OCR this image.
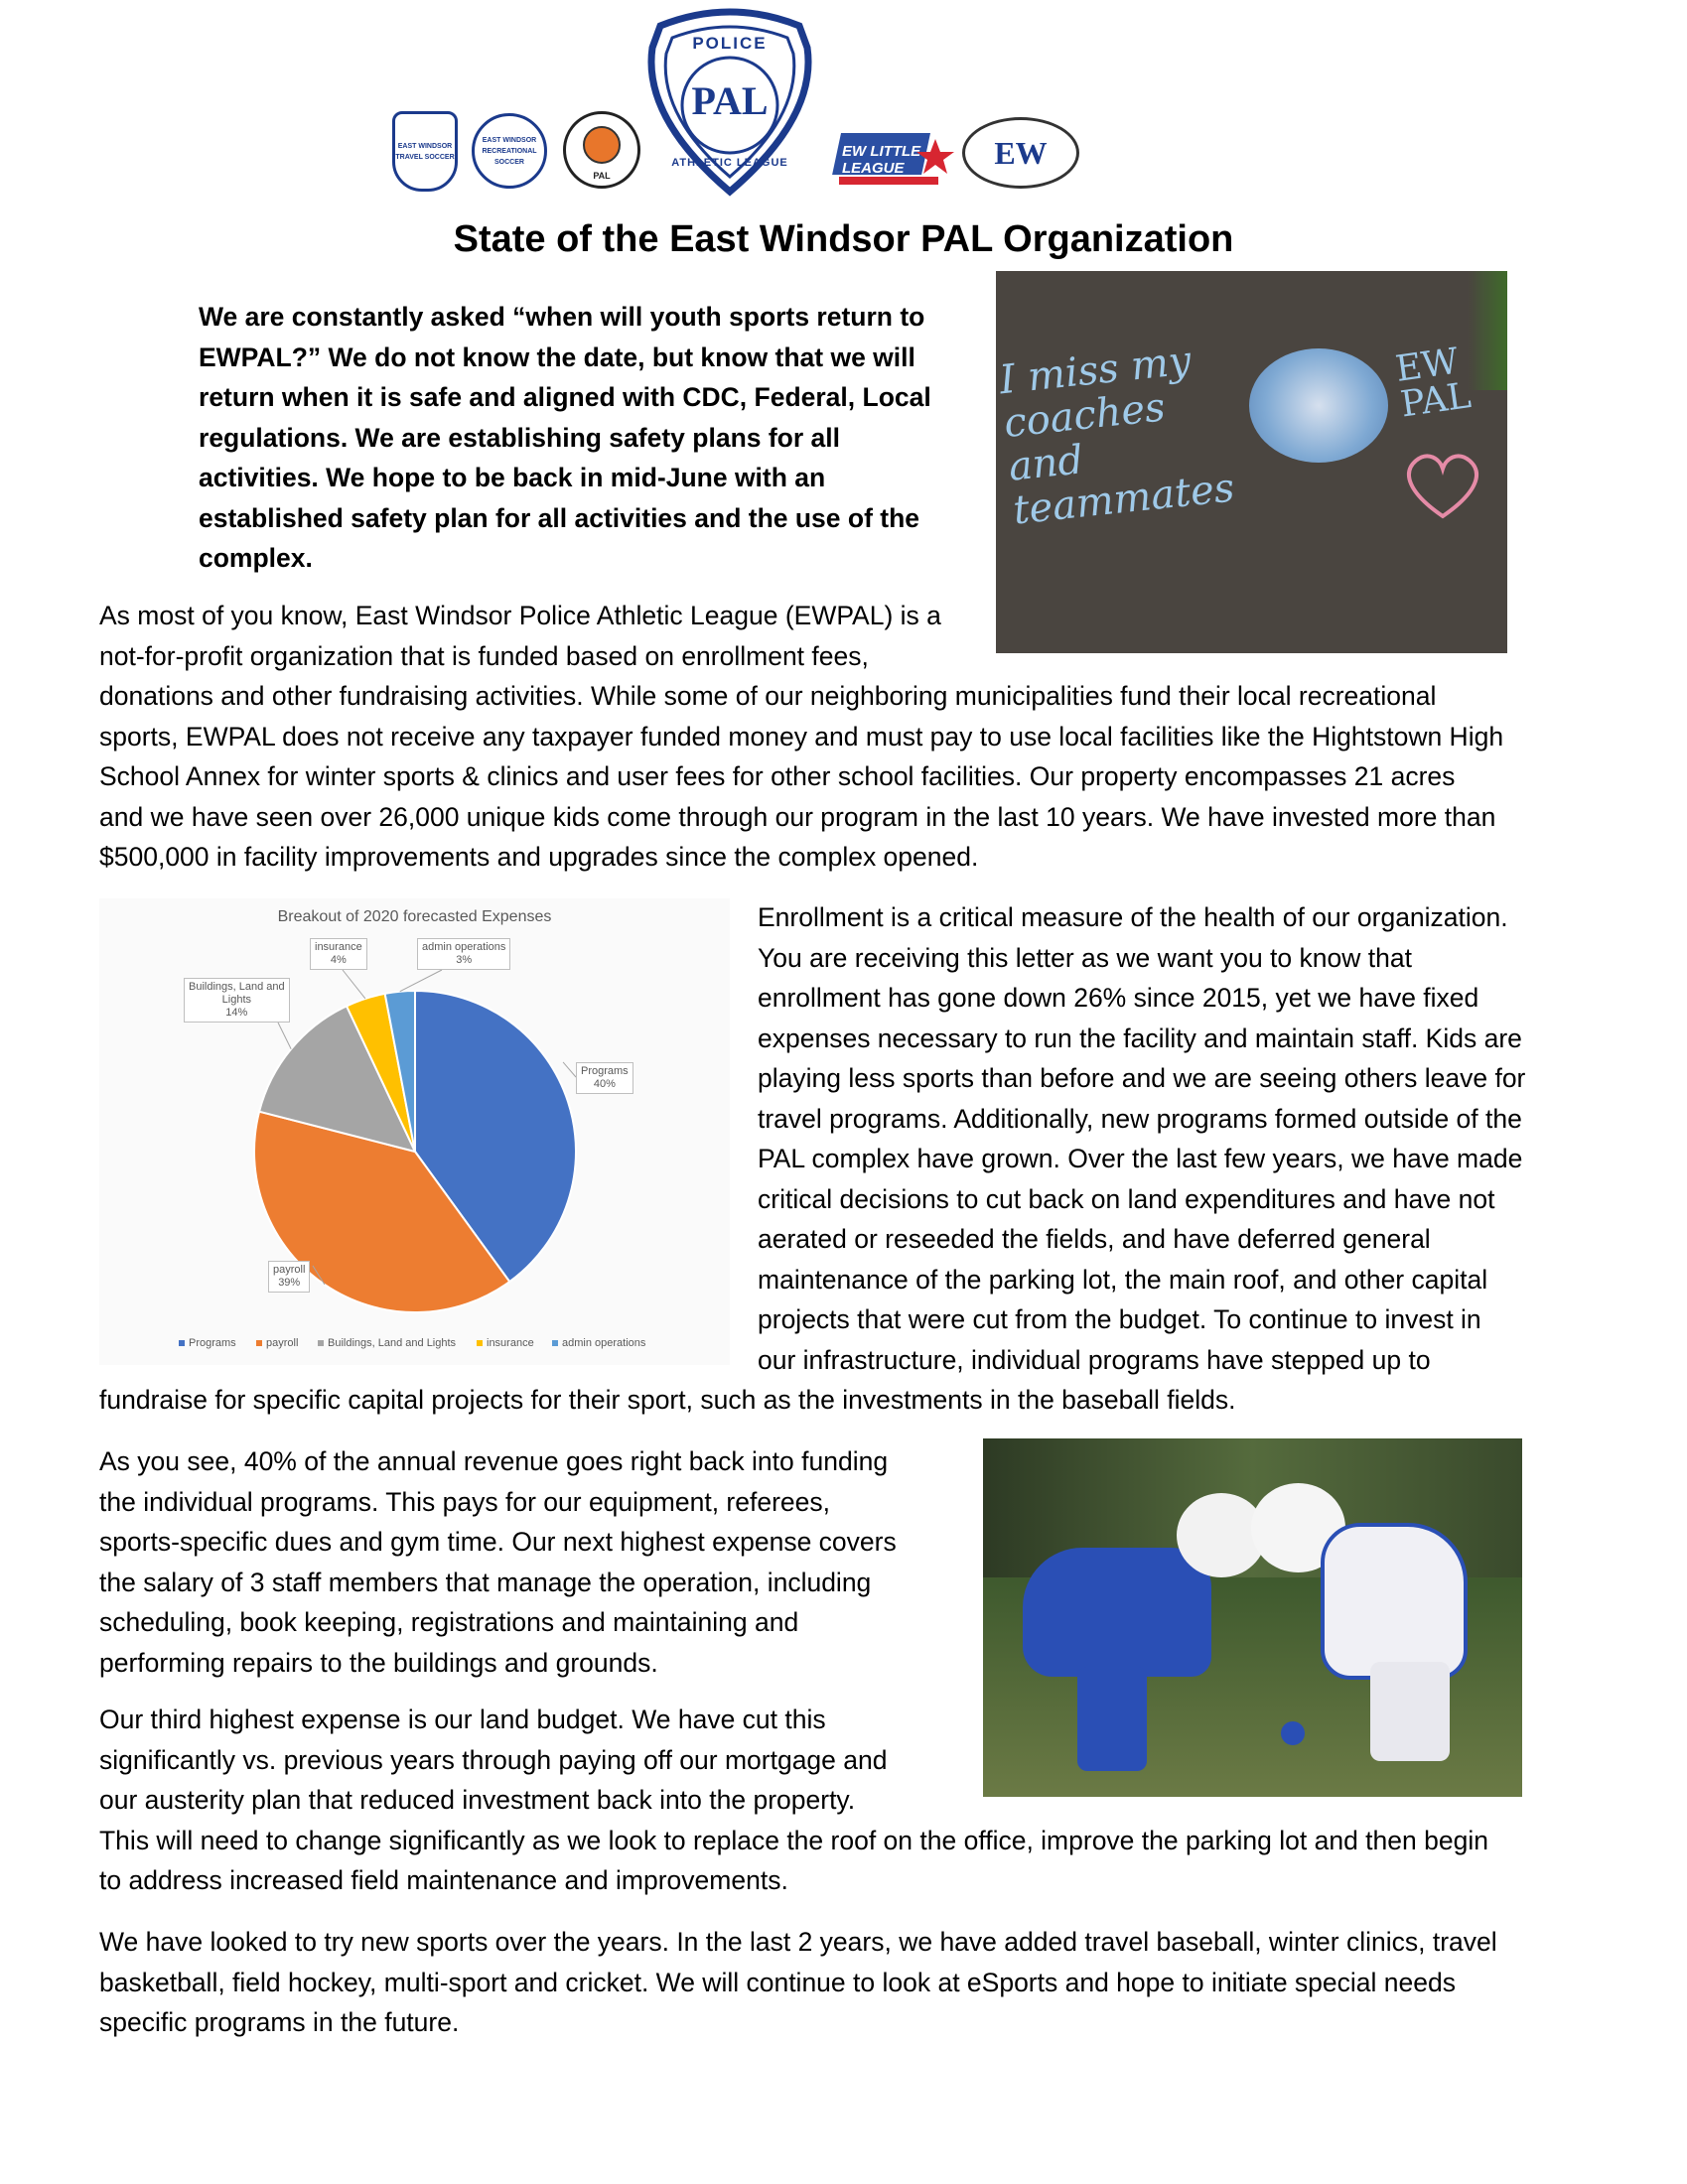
EAST WINDSOR TRAVEL SOCCER
EAST WINDSOR RECREATIONAL SOCCER
PAL
POLICE
PAL
ATHLETIC LEAGUE
EW LITTLE LEAGUE	EW
State of the East Windsor PAL Organization
We are constantly asked “when will youth sports return to
EWPAL?” We do not know the date, but know that we will
return when it is safe and aligned with CDC, Federal, Local
regulations. We are establishing safety plans for all
activities. We hope to be back in mid-June with an
established safety plan for all activities and the use of the
complex.
I miss my coaches and teammates
EW PAL
As most of you know, East Windsor Police Athletic League (EWPAL) is a
not-for-profit organization that is funded based on enrollment fees,
donations and other fundraising activities. While some of our neighboring municipalities fund their local recreational
sports, EWPAL does not receive any taxpayer funded money and must pay to use local facilities like the Hightstown High
School Annex for winter sports & clinics and user fees for other school facilities. Our property encompasses 21 acres
and we have seen over 26,000 unique kids come through our program in the last 10 years. We have invested more than
$500,000 in facility improvements and upgrades since the complex opened.
Breakout of 2020 forecasted Expenses
Programs
40%
payroll
39%
Buildings, Land and
Lights
14%
insurance
4%
admin operations
3%
Programs	payroll	Buildings, Land and Lights	insurance	admin operations
Enrollment is a critical measure of the health of our organization.
You are receiving this letter as we want you to know that
enrollment has gone down 26% since 2015, yet we have fixed
expenses necessary to run the facility and maintain staff. Kids are
playing less sports than before and we are seeing others leave for
travel programs. Additionally, new programs formed outside of the
PAL complex have grown. Over the last few years, we have made
critical decisions to cut back on land expenditures and have not
aerated or reseeded the fields, and have deferred general
maintenance of the parking lot, the main roof, and other capital
projects that were cut from the budget. To continue to invest in
our infrastructure, individual programs have stepped up to
fundraise for specific capital projects for their sport, such as the investments in the baseball fields.
As you see, 40% of the annual revenue goes right back into funding
the individual programs. This pays for our equipment, referees,
sports-specific dues and gym time. Our next highest expense covers
the salary of 3 staff members that manage the operation, including
scheduling, book keeping, registrations and maintaining and
performing repairs to the buildings and grounds.
Our third highest expense is our land budget. We have cut this
significantly vs. previous years through paying off our mortgage and
our austerity plan that reduced investment back into the property.
This will need to change significantly as we look to replace the roof on the office, improve the parking lot and then begin
to address increased field maintenance and improvements.
We have looked to try new sports over the years. In the last 2 years, we have added travel baseball, winter clinics, travel
basketball, field hockey, multi-sport and cricket. We will continue to look at eSports and hope to initiate special needs
specific programs in the future.
